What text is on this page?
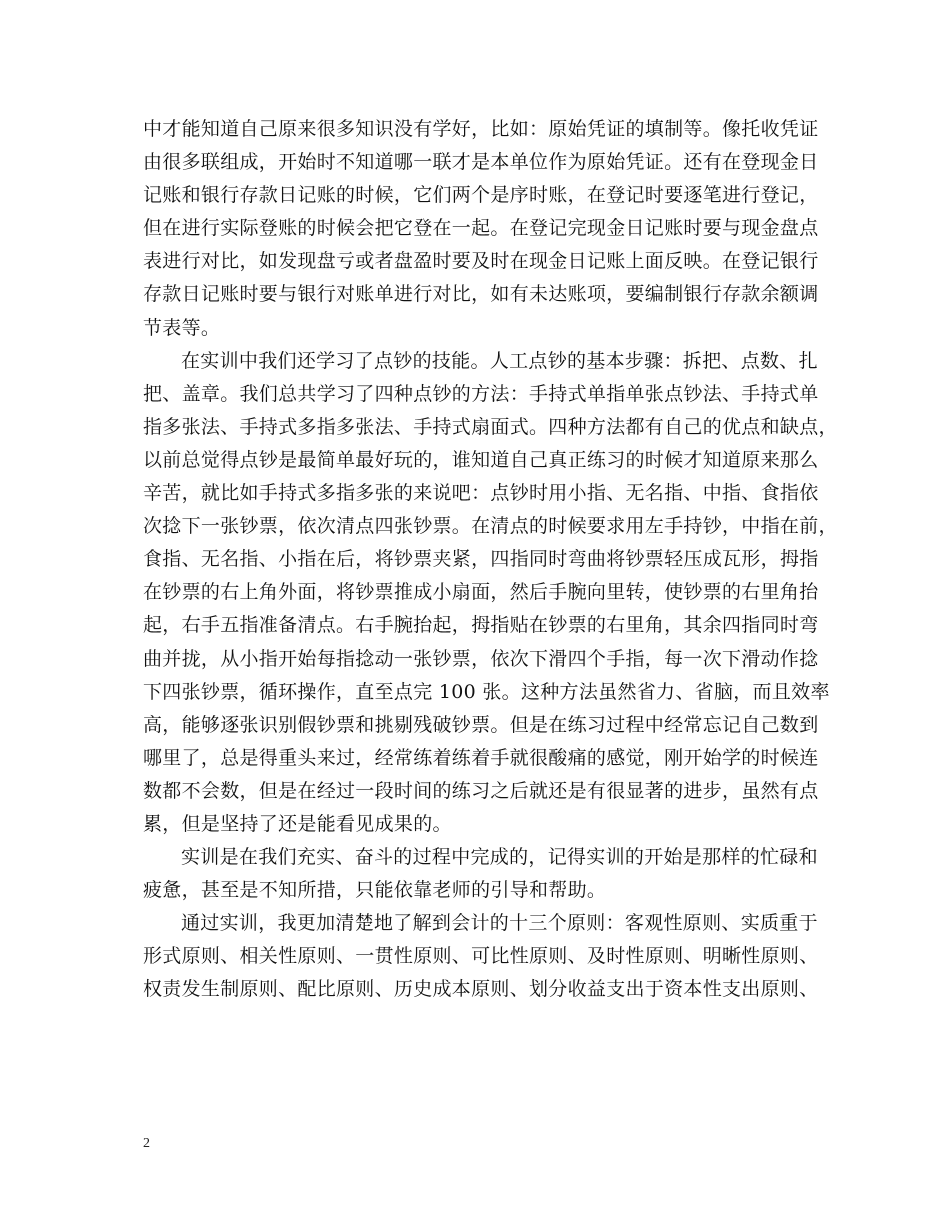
中才能知道自己原来很多知识没有学好，比如：原始凭证的填制等。像托收凭证
由很多联组成，开始时不知道哪一联才是本单位作为原始凭证。还有在登现金日
记账和银行存款日记账的时候，它们两个是序时账，在登记时要逐笔进行登记，
但在进行实际登账的时候会把它登在一起。在登记完现金日记账时要与现金盘点
表进行对比，如发现盘亏或者盘盈时要及时在现金日记账上面反映。在登记银行
存款日记账时要与银行对账单进行对比，如有未达账项，要编制银行存款余额调
节表等。
在实训中我们还学习了点钞的技能。人工点钞的基本步骤：拆把、点数、扎
把、盖章。我们总共学习了四种点钞的方法：手持式单指单张点钞法、手持式单
指多张法、手持式多指多张法、手持式扇面式。四种方法都有自己的优点和缺点，
以前总觉得点钞是最简单最好玩的，谁知道自己真正练习的时候才知道原来那么
辛苦，就比如手持式多指多张的来说吧：点钞时用小指、无名指、中指、食指依
次捻下一张钞票，依次清点四张钞票。在清点的时候要求用左手持钞，中指在前，
食指、无名指、小指在后，将钞票夹紧，四指同时弯曲将钞票轻压成瓦形，拇指
在钞票的右上角外面，将钞票推成小扇面，然后手腕向里转，使钞票的右里角抬
起，右手五指准备清点。右手腕抬起，拇指贴在钞票的右里角，其余四指同时弯
曲并拢，从小指开始每指捻动一张钞票，依次下滑四个手指，每一次下滑动作捻
下四张钞票，循环操作，直至点完 100 张。这种方法虽然省力、省脑，而且效率
高，能够逐张识别假钞票和挑剔残破钞票。但是在练习过程中经常忘记自己数到
哪里了，总是得重头来过，经常练着练着手就很酸痛的感觉，刚开始学的时候连
数都不会数，但是在经过一段时间的练习之后就还是有很显著的进步，虽然有点
累，但是坚持了还是能看见成果的。
实训是在我们充实、奋斗的过程中完成的，记得实训的开始是那样的忙碌和
疲惫，甚至是不知所措，只能依靠老师的引导和帮助。
通过实训，我更加清楚地了解到会计的十三个原则：客观性原则、实质重于
形式原则、相关性原则、一贯性原则、可比性原则、及时性原则、明晰性原则、
权责发生制原则、配比原则、历史成本原则、划分收益支出于资本性支出原则、
2
